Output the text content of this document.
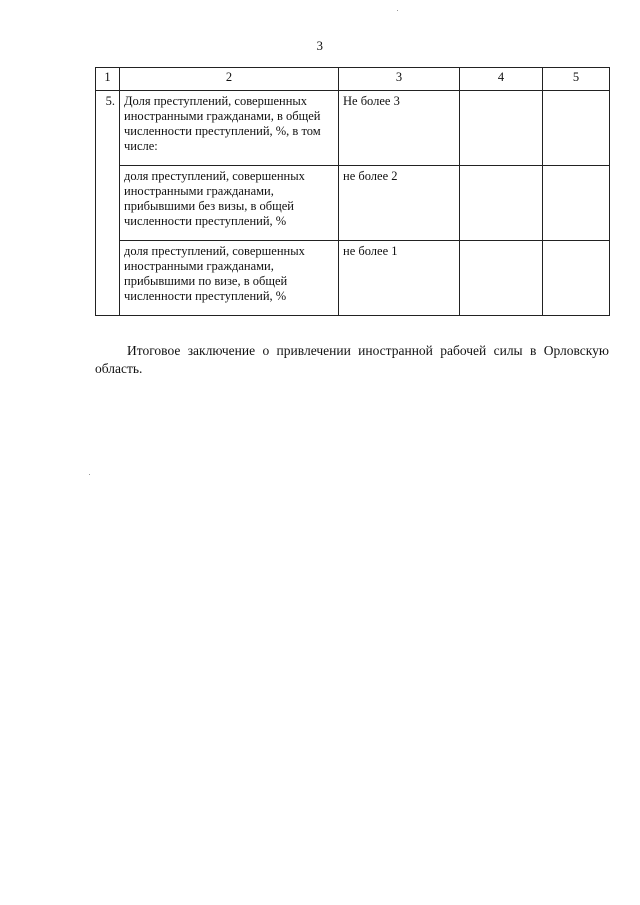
3
1	2	3	4	5
5.	Доля преступлений, совершенных иностранными гражданами, в общей численности преступлений, %, в том числе:	Не более 3		
	доля преступлений, совершенных иностранными гражданами, прибывшими без визы, в общей численности преступлений, %	не более 2		
	доля преступлений, совершенных иностранными гражданами, прибывшими по визе, в общей численности преступлений, %	не более 1		
Итоговое заключение о привлечении иностранной рабочей силы в Орловскую область.
